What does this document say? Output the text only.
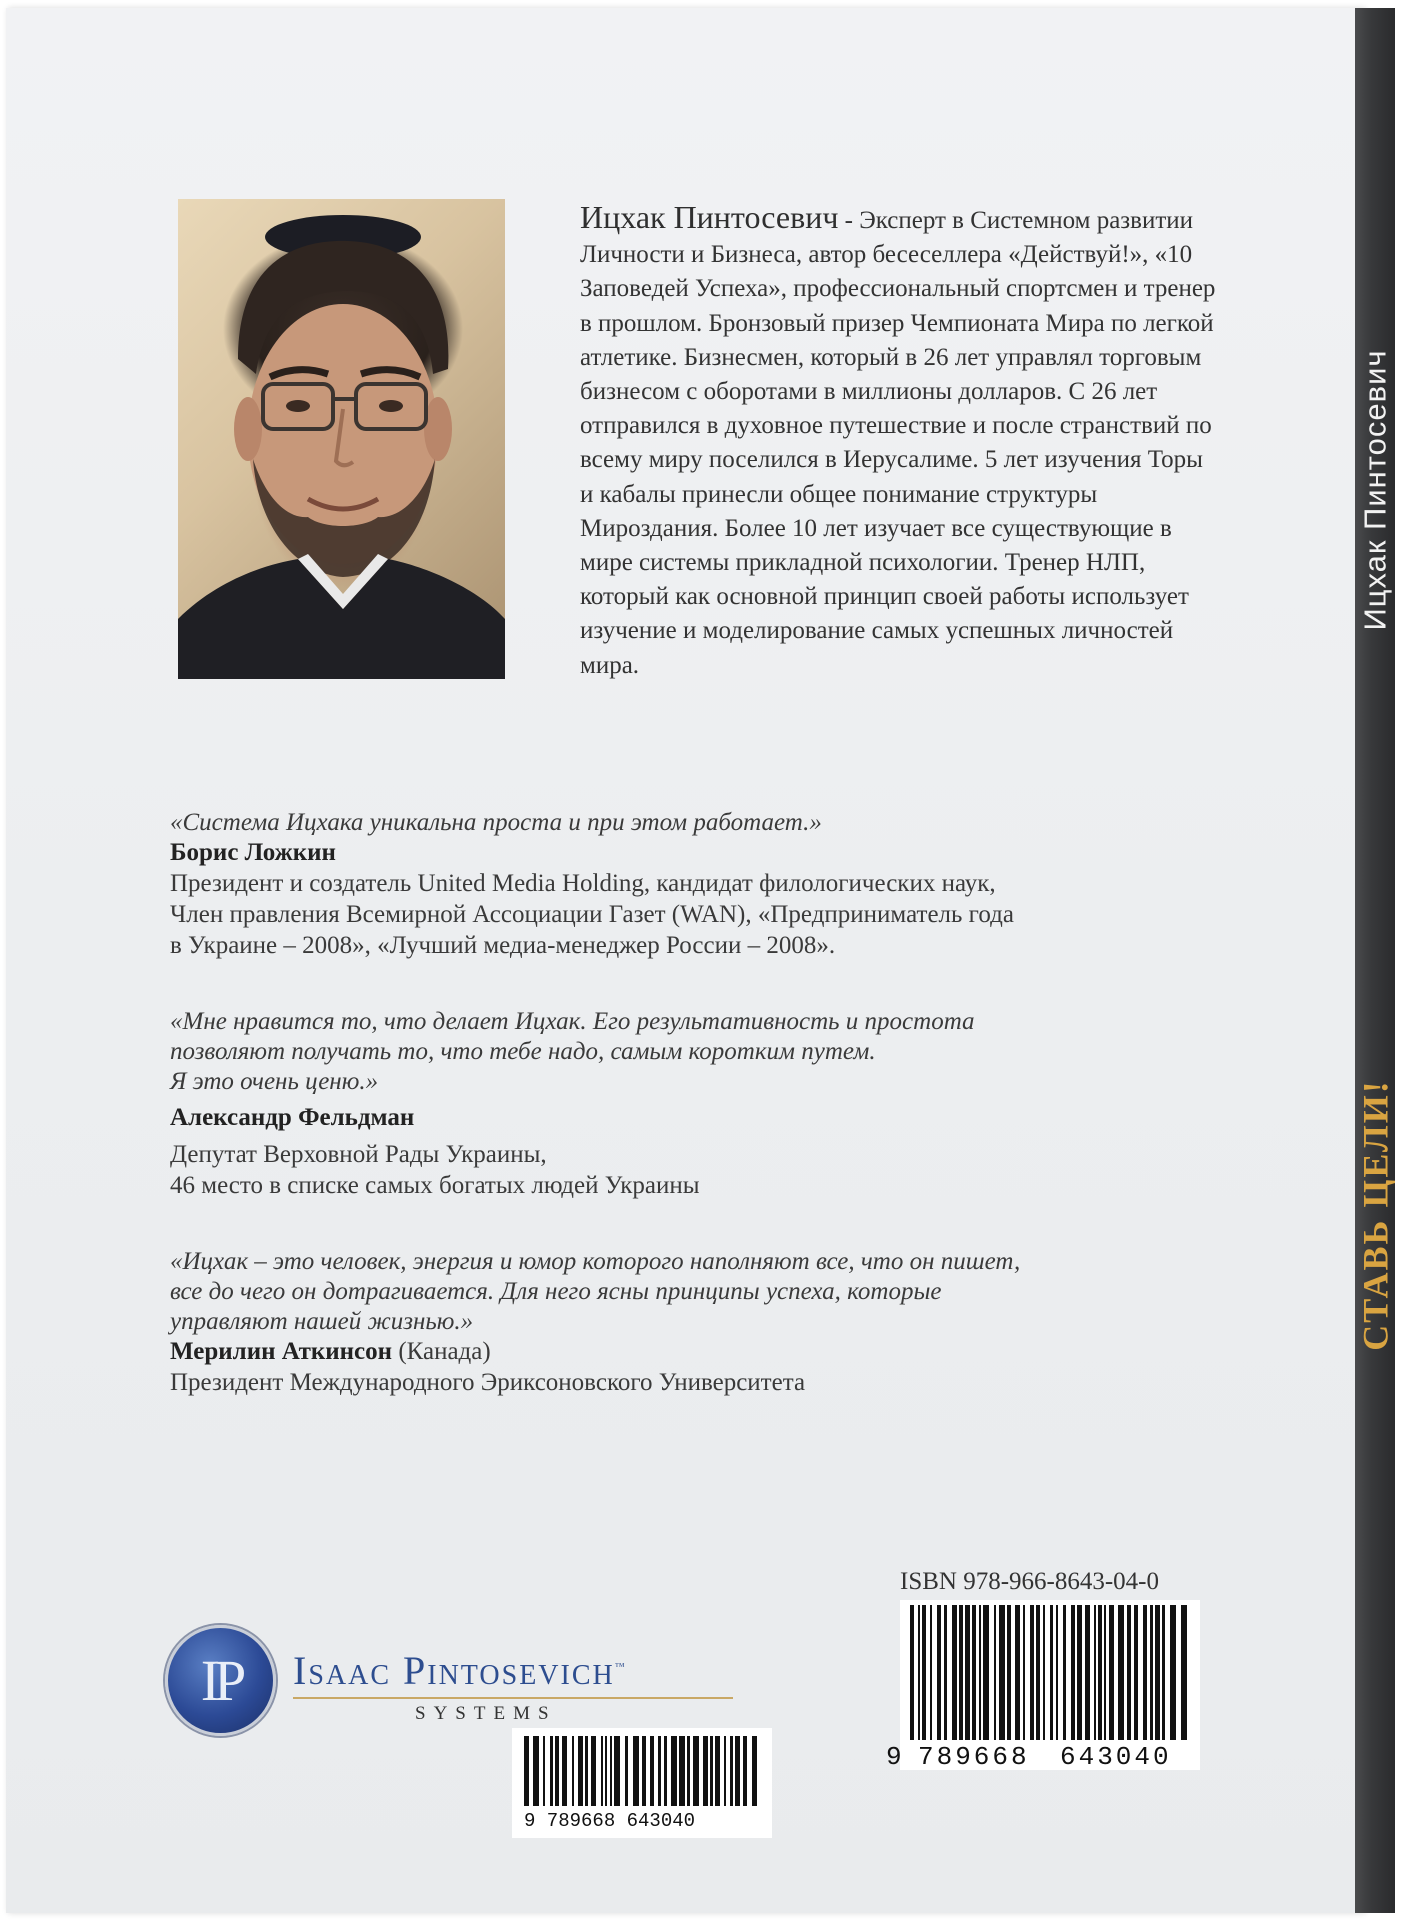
Ицхак Пинтосевич
СТАВЬ ЦЕЛИ!
Ицхак Пинтосевич - Эксперт в Системном развитии Личности и Бизнеса, автор бесеселлера «Действуй!», «10 Заповедей Успеха», профессиональный спортсмен и тренер в прошлом. Бронзовый призер Чемпионата Мира по легкой атлетике. Бизнесмен, который в 26 лет управлял торговым бизнесом с оборотами в миллионы долларов. С 26 лет отправился в духовное путешествие и после странствий по всему миру поселился в Иерусалиме. 5 лет изучения Торы и кабалы принесли общее понимание структуры Мироздания. Более 10 лет изучает все существующие в мире системы прикладной психологии. Тренер НЛП, который как основной принцип своей работы использует изучение и моделирование самых успешных личностей мира.
«Система Ицхака уникальна проста и при этом работает.»
Борис Ложкин
Президент и создатель United Media Holding, кандидат филологических наук,
Член правления Всемирной Ассоциации Газет (WAN), «Предприниматель года
в Украине – 2008», «Лучший медиа-менеджер России – 2008».
«Мне нравится то, что делает Ицхак. Его результативность и простота
позволяют получать то, что тебе надо, самым коротким путем.
Я это очень ценю.»
Александр Фельдман
Депутат Верховной Рады Украины,
46 место в списке самых богатых людей Украины
«Ицхак – это человек, энергия и юмор которого наполняют все, что он пишет,
все до чего он дотрагивается. Для него ясны принципы успеха, которые
управляют нашей жизнью.»
Мерилин Аткинсон (Канада)
Президент Международного Эриксоновского Университета
IP Isaac Pintosevich™
SYSTEMS
ISBN 978-966-8643-04-0
9 789668 643040
9 789668 643040
